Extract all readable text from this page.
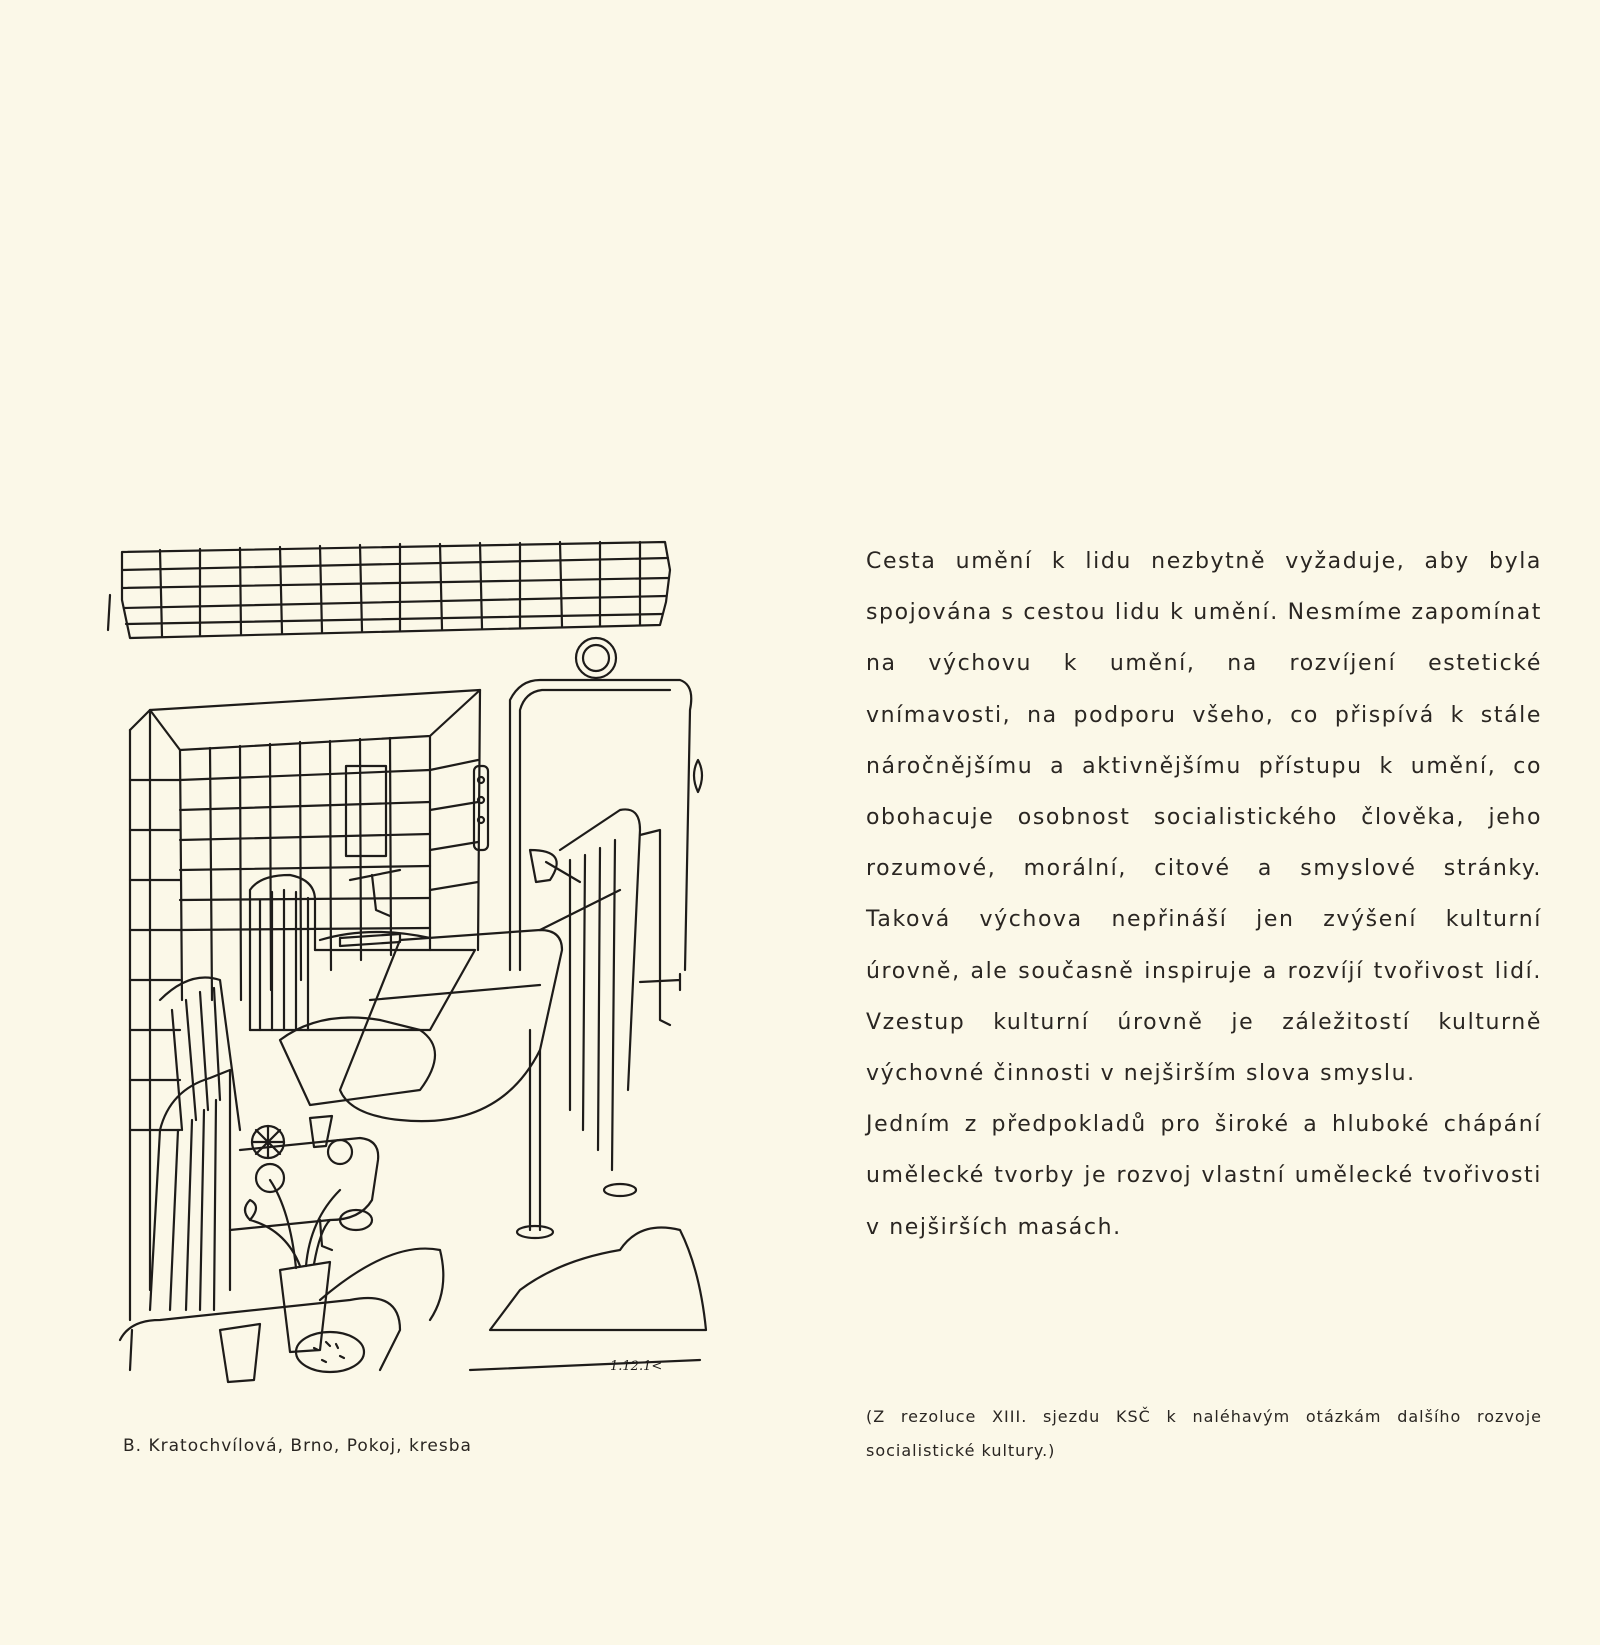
1.12.1<

B. Kratochvílová, Brno, Pokoj, kresba

Cesta umění k lidu nezbytně vyžaduje, aby byla spojována s cestou lidu k umění. Nesmíme zapomínat na výchovu k umění, na rozvíjení estetické vnímavosti, na podporu všeho, co přispívá k stále náročnějšímu a aktivnějšímu přístupu k umění, co obohacuje osobnost socialistického člověka, jeho rozumové, morální, citové a smyslové stránky. Taková výchova nepřináší jen zvýšení kulturní úrovně, ale současně inspiruje a rozvíjí tvořivost lidí. Vzestup kulturní úrovně je záležitostí kulturně výchovné činnosti v nejširším slova smyslu.

Jedním z předpokladů pro široké a hluboké chápání umělecké tvorby je rozvoj vlastní umělecké tvořivosti v nejširších masách.

(Z rezoluce XIII. sjezdu KSČ k naléhavým otázkám dalšího rozvoje socialistické kultury.)
